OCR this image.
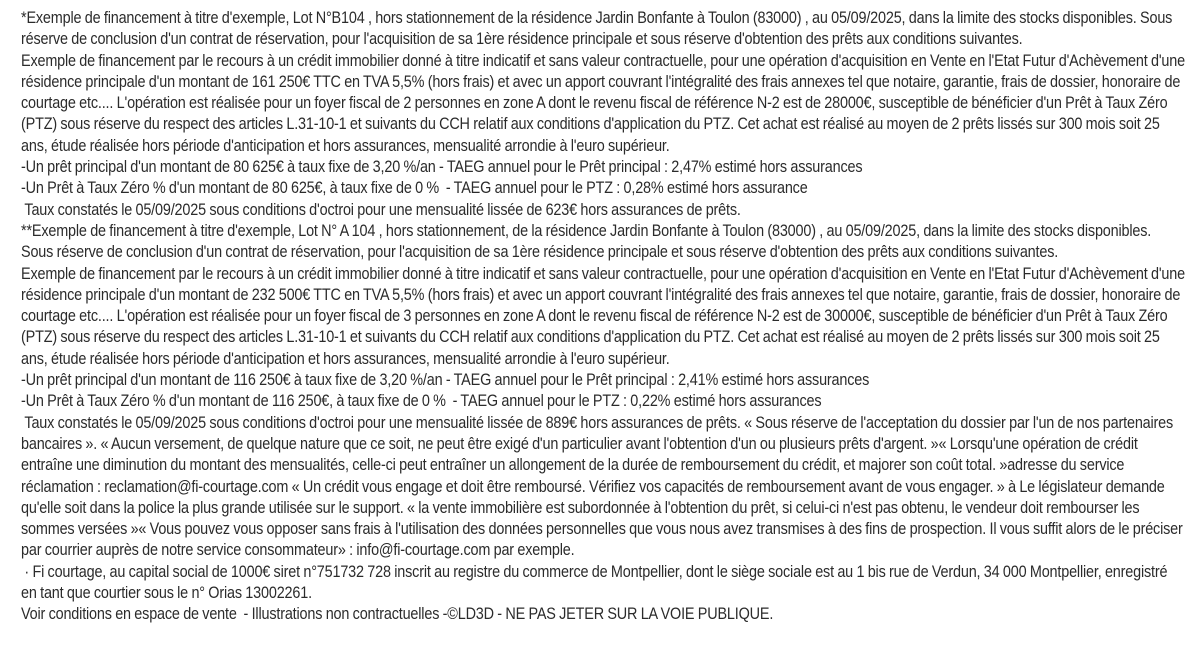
*Exemple de financement à titre d'exemple, Lot N°B104 , hors stationnement de la résidence Jardin Bonfante à Toulon (83000) , au 05/09/2025, dans la limite des stocks disponibles. Sous réserve de conclusion d'un contrat de réservation, pour l'acquisition de sa 1ère résidence principale et sous réserve d'obtention des prêts aux conditions suivantes.

Exemple de financement par le recours à un crédit immobilier donné à titre indicatif et sans valeur contractuelle, pour une opération d'acquisition en Vente en l'Etat Futur d'Achèvement d'une résidence principale d'un montant de 161 250€ TTC en TVA 5,5% (hors frais) et avec un apport couvrant l'intégralité des frais annexes tel que notaire, garantie, frais de dossier, honoraire de courtage etc.... L'opération est réalisée pour un foyer fiscal de 2 personnes en zone A dont le revenu fiscal de référence N-2 est de 28000€, susceptible de bénéficier d'un Prêt à Taux Zéro (PTZ) sous réserve du respect des articles L.31-10-1 et suivants du CCH relatif aux conditions d'application du PTZ. Cet achat est réalisé au moyen de 2 prêts lissés sur 300 mois soit 25 ans, étude réalisée hors période d'anticipation et hors assurances, mensualité arrondie à l'euro supérieur.

-Un prêt principal d'un montant de 80 625€ à taux fixe de 3,20 %/an - TAEG annuel pour le Prêt principal : 2,47% estimé hors assurances

-Un Prêt à Taux Zéro % d'un montant de 80 625€, à taux fixe de 0 %  - TAEG annuel pour le PTZ : 0,28% estimé hors assurance

Taux constatés le 05/09/2025 sous conditions d'octroi pour une mensualité lissée de 623€ hors assurances de prêts.

**Exemple de financement à titre d'exemple, Lot N° A 104 , hors stationnement, de la résidence Jardin Bonfante à Toulon (83000) , au 05/09/2025, dans la limite des stocks disponibles. Sous réserve de conclusion d'un contrat de réservation, pour l'acquisition de sa 1ère résidence principale et sous réserve d'obtention des prêts aux conditions suivantes.

Exemple de financement par le recours à un crédit immobilier donné à titre indicatif et sans valeur contractuelle, pour une opération d'acquisition en Vente en l'Etat Futur d'Achèvement d'une résidence principale d'un montant de 232 500€ TTC en TVA 5,5% (hors frais) et avec un apport couvrant l'intégralité des frais annexes tel que notaire, garantie, frais de dossier, honoraire de courtage etc.... L'opération est réalisée pour un foyer fiscal de 3 personnes en zone A dont le revenu fiscal de référence N-2 est de 30000€, susceptible de bénéficier d'un Prêt à Taux Zéro (PTZ) sous réserve du respect des articles L.31-10-1 et suivants du CCH relatif aux conditions d'application du PTZ. Cet achat est réalisé au moyen de 2 prêts lissés sur 300 mois soit 25 ans, étude réalisée hors période d'anticipation et hors assurances, mensualité arrondie à l'euro supérieur.

-Un prêt principal d'un montant de 116 250€ à taux fixe de 3,20 %/an - TAEG annuel pour le Prêt principal : 2,41% estimé hors assurances

-Un Prêt à Taux Zéro % d'un montant de 116 250€, à taux fixe de 0 %  - TAEG annuel pour le PTZ : 0,22% estimé hors assurances

Taux constatés le 05/09/2025 sous conditions d'octroi pour une mensualité lissée de 889€ hors assurances de prêts. « Sous réserve de l'acceptation du dossier par l'un de nos partenaires bancaires ». « Aucun versement, de quelque nature que ce soit, ne peut être exigé d'un particulier avant l'obtention d'un ou plusieurs prêts d'argent. »« Lorsqu'une opération de crédit entraîne une diminution du montant des mensualités, celle-ci peut entraîner un allongement de la durée de remboursement du crédit, et majorer son coût total. »adresse du service réclamation : reclamation@fi-courtage.com « Un crédit vous engage et doit être remboursé. Vérifiez vos capacités de remboursement avant de vous engager. » à Le législateur demande qu'elle soit dans la police la plus grande utilisée sur le support. « la vente immobilière est subordonnée à l'obtention du prêt, si celui-ci n'est pas obtenu, le vendeur doit rembourser les sommes versées »« Vous pouvez vous opposer sans frais à l'utilisation des données personnelles que vous nous avez transmises à des fins de prospection. Il vous suffit alors de le préciser par courrier auprès de notre service consommateur» : info@fi-courtage.com par exemple.

· Fi courtage, au capital social de 1000€ siret n°751732 728 inscrit au registre du commerce de Montpellier, dont le siège sociale est au 1 bis rue de Verdun, 34 000 Montpellier, enregistré en tant que courtier sous le n° Orias 13002261.

Voir conditions en espace de vente  - Illustrations non contractuelles -©LD3D - NE PAS JETER SUR LA VOIE PUBLIQUE.
